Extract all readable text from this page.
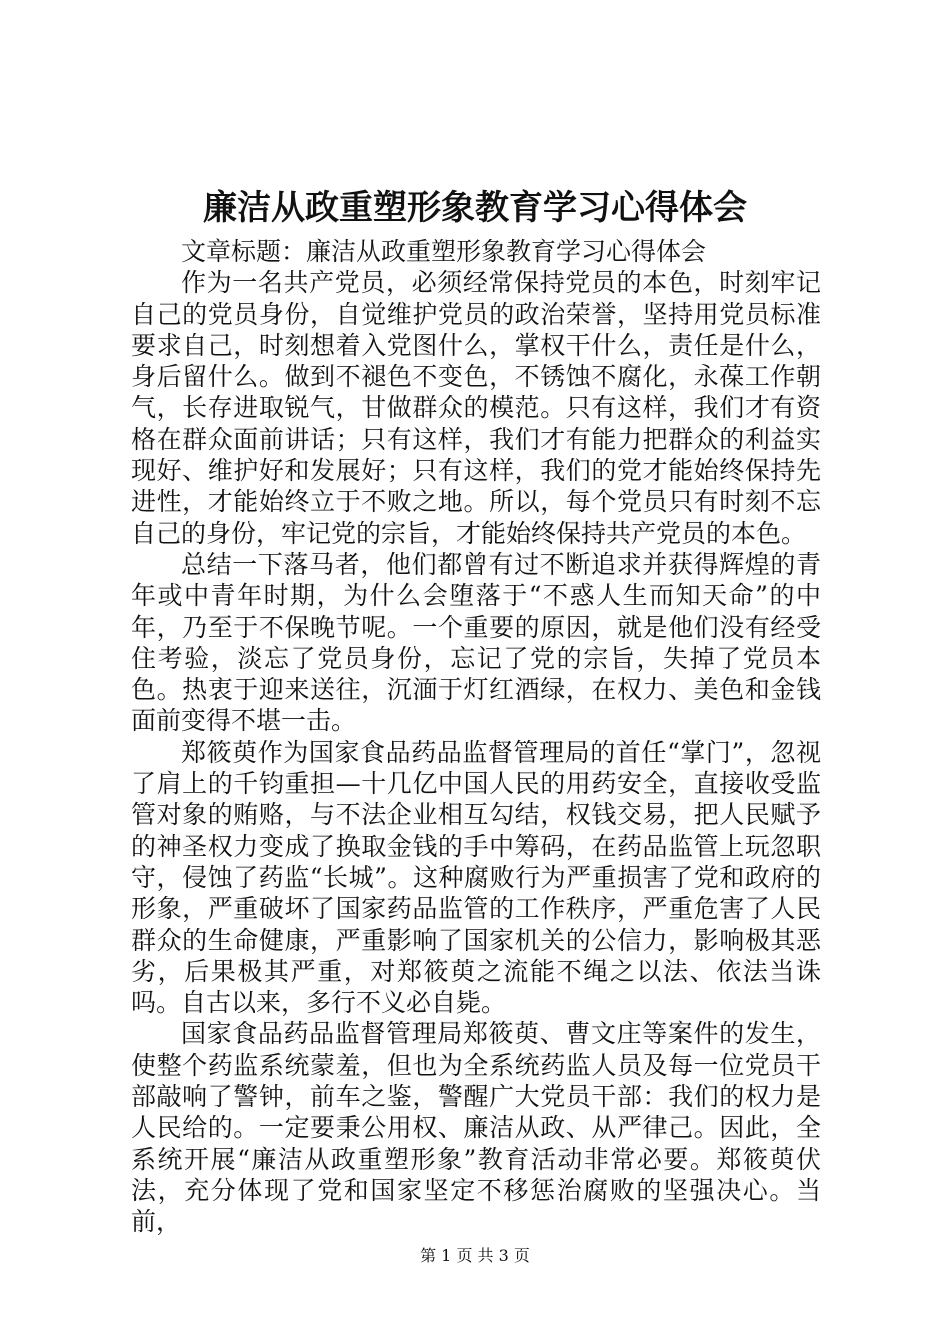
廉洁从政重塑形象教育学习心得体会

文章标题：廉洁从政重塑形象教育学习心得体会

作为一名共产党员，必须经常保持党员的本色，时刻牢记自己的党员身份，自觉维护党员的政治荣誉，坚持用党员标准要求自己，时刻想着入党图什么，掌权干什么，责任是什么，身后留什么。做到不褪色不变色，不锈蚀不腐化，永葆工作朝气，长存进取锐气，甘做群众的模范。只有这样，我们才有资格在群众面前讲话；只有这样，我们才有能力把群众的利益实现好、维护好和发展好；只有这样，我们的党才能始终保持先进性，才能始终立于不败之地。所以，每个党员只有时刻不忘自己的身份，牢记党的宗旨，才能始终保持共产党员的本色。

总结一下落马者，他们都曾有过不断追求并获得辉煌的青年或中青年时期，为什么会堕落于“不惑人生而知天命”的中年，乃至于不保晚节呢。一个重要的原因，就是他们没有经受住考验，淡忘了党员身份，忘记了党的宗旨，失掉了党员本色。热衷于迎来送往，沉湎于灯红酒绿，在权力、美色和金钱面前变得不堪一击。

郑筱萸作为国家食品药品监督管理局的首任“掌门”，忽视了肩上的千钧重担—十几亿中国人民的用药安全，直接收受监管对象的贿赂，与不法企业相互勾结，权钱交易，把人民赋予的神圣权力变成了换取金钱的手中筹码，在药品监管上玩忽职守，侵蚀了药监“长城”。这种腐败行为严重损害了党和政府的形象，严重破坏了国家药品监管的工作秩序，严重危害了人民群众的生命健康，严重影响了国家机关的公信力，影响极其恶劣，后果极其严重，对郑筱萸之流能不绳之以法、依法当诛吗。自古以来，多行不义必自毙。

国家食品药品监督管理局郑筱萸、曹文庄等案件的发生，使整个药监系统蒙羞，但也为全系统药监人员及每一位党员干部敲响了警钟，前车之鉴，警醒广大党员干部：我们的权力是人民给的。一定要秉公用权、廉洁从政、从严律己。因此，全系统开展“廉洁从政重塑形象”教育活动非常必要。郑筱萸伏法，充分体现了党和国家坚定不移惩治腐败的坚强决心。当前，

第 1 页 共 3 页
